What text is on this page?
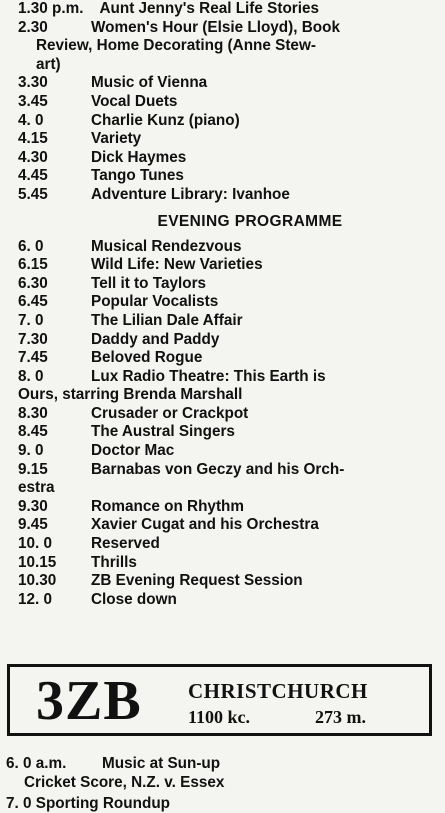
1.30 p.m. Aunt Jenny's Real Life Stories
2.30	Women's Hour (Elsie Lloyd), Book
Review, Home Decorating (Anne Stew-
art)
3.30	Music of Vienna
3.45	Vocal Duets
4. 0	Charlie Kunz (piano)
4.15	Variety
4.30	Dick Haymes
4.45	Tango Tunes
5.45	Adventure Library: Ivanhoe
EVENING PROGRAMME
6. 0	Musical Rendezvous
6.15	Wild Life: New Varieties
6.30	Tell it to Taylors
6.45	Popular Vocalists
7. 0	The Lilian Dale Affair
7.30	Daddy and Paddy
7.45	Beloved Rogue
8. 0	Lux Radio Theatre: This Earth is
Ours, starring Brenda Marshall
8.30	Crusader or Crackpot
8.45	The Austral Singers
9. 0	Doctor Mac
9.15	Barnabas von Geczy and his Orch-
estra
9.30	Romance on Rhythm
9.45	Xavier Cugat and his Orchestra
10. 0	Reserved
10.15	Thrills
10.30	ZB Evening Request Session
12. 0	Close down
3ZB CHRISTCHURCH
1100 kc.	273 m.
6. 0 a.m.	Music at Sun-up
Cricket Score, N.Z. v. Essex
7. 0 Sporting Roundup
